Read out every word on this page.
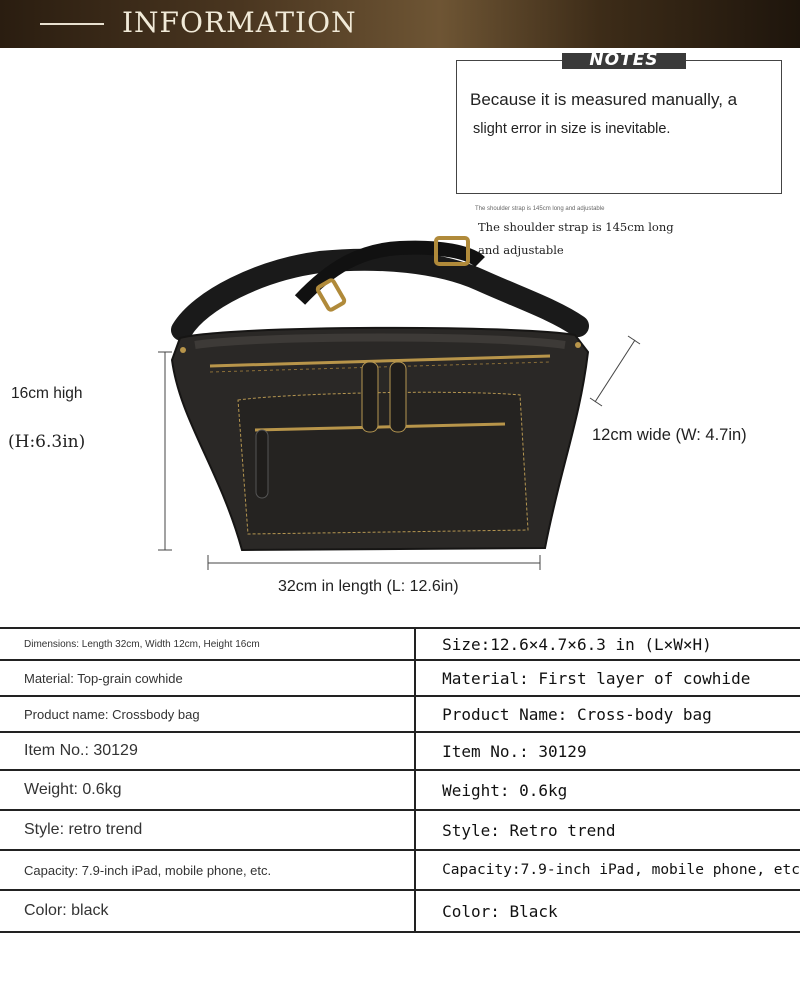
INFORMATION
NOTES
Because it is measured manually, a
slight error in size is inevitable.
The shoulder strap is 145cm long and adjustable
The shoulder strap is 145cm long
and adjustable
16cm high
(H:6.3in)	12cm wide (W: 4.7in)
32cm in length (L: 12.6in)
Dimensions: Length 32cm, Width 12cm, Height 16cm	Size:12.6×4.7×6.3 in (L×W×H)
Material: Top-grain cowhide	Material: First layer of cowhide
Product name: Crossbody bag	Product Name: Cross-body bag
Item No.: 30129	Item No.: 30129
Weight: 0.6kg	Weight: 0.6kg
Style: retro trend	Style: Retro trend
Capacity: 7.9-inch iPad, mobile phone, etc.	Capacity:7.9-inch iPad, mobile phone, etc
Color: black	Color: Black
